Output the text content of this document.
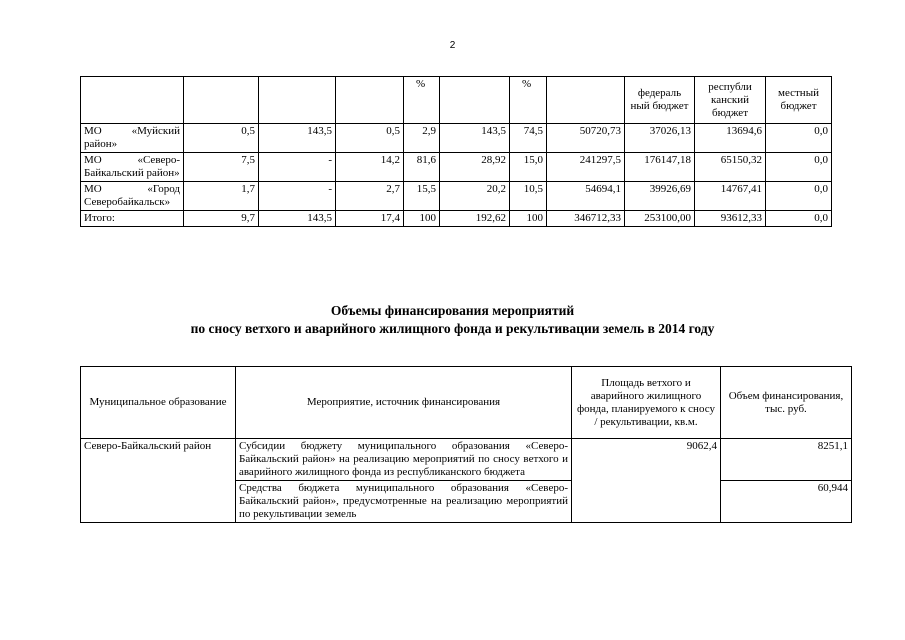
2
				%		%		федераль ный бюджет	республи канский бюджет	местный бюджет
МО «Муйский район»	0,5	143,5	0,5	2,9	143,5	74,5	50720,73	37026,13	13694,6	0,0
МО «Северо-Байкальский район»	7,5	-	14,2	81,6	28,92	15,0	241297,5	176147,18	65150,32	0,0
МО «Город Северобайкальск»	1,7	-	2,7	15,5	20,2	10,5	54694,1	39926,69	14767,41	0,0
Итого:	9,7	143,5	17,4	100	192,62	100	346712,33	253100,00	93612,33	0,0
Объемы финансирования мероприятий
по сносу ветхого и аварийного жилищного фонда и рекультивации земель в 2014 году
Муниципальное образование	Мероприятие, источник финансирования	Площадь ветхого и аварийного жилищного фонда, планируемого к сносу / рекультивации, кв.м.	Объем финансирования, тыс. руб.
Северо-Байкальский район	Субсидии бюджету муниципального образования «Северо-Байкальский район» на реализацию мероприятий по сносу ветхого и аварийного жилищного фонда из республиканского бюджета	9062,4	8251,1
	Средства бюджета муниципального образования «Северо-Байкальский район», предусмотренные на реализацию мероприятий по рекультивации земель		60,944
